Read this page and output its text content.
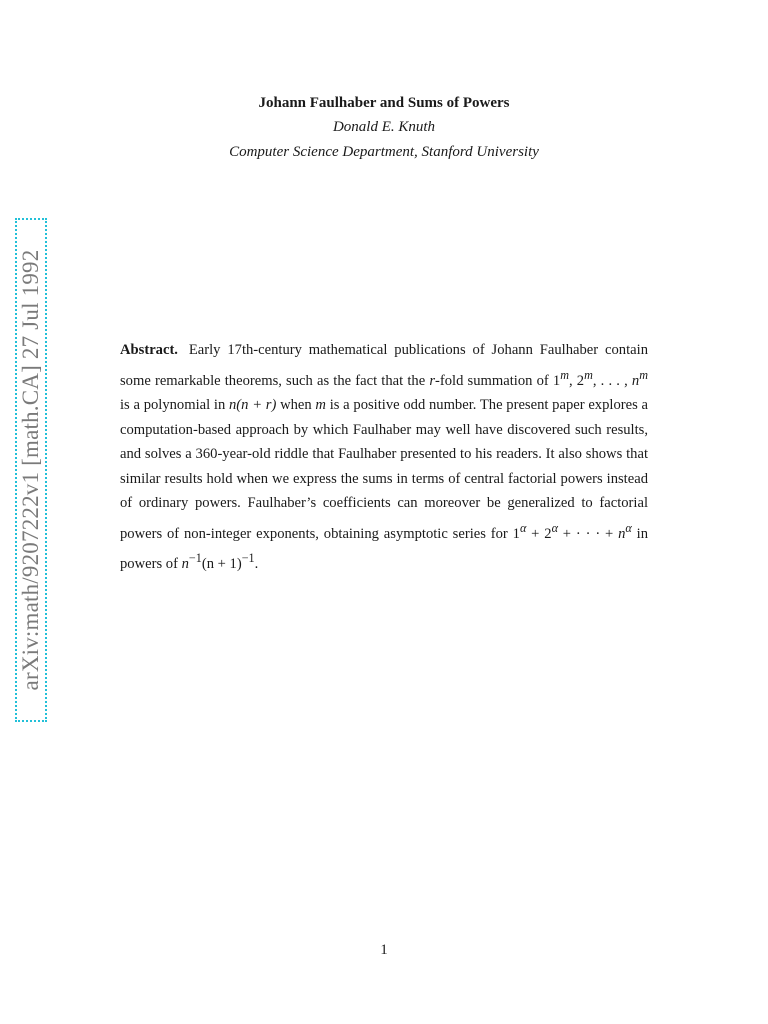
arXiv:math/9207222v1 [math.CA] 27 Jul 1992

Johann Faulhaber and Sums of Powers

Donald E. Knuth

Computer Science Department, Stanford University

Abstract. Early 17th-century mathematical publications of Johann Faulhaber contain some remarkable theorems, such as the fact that the r-fold summation of 1$^m$, 2$^m$, . . . , $n^m$ is a polynomial in n(n + r) when m is a positive odd number. The present paper explores a computation-based approach by which Faulhaber may well have discovered such results, and solves a 360-year-old riddle that Faulhaber presented to his readers. It also shows that similar results hold when we express the sums in terms of central factorial powers instead of ordinary powers. Faulhaber’s coefficients can moreover be generalized to factorial powers of non-integer exponents, obtaining asymptotic series for $1^\alpha + 2^\alpha$ + · · · + $n^\alpha$ in powers of $n^{-1}(n + 1)^{-1}$.

1
